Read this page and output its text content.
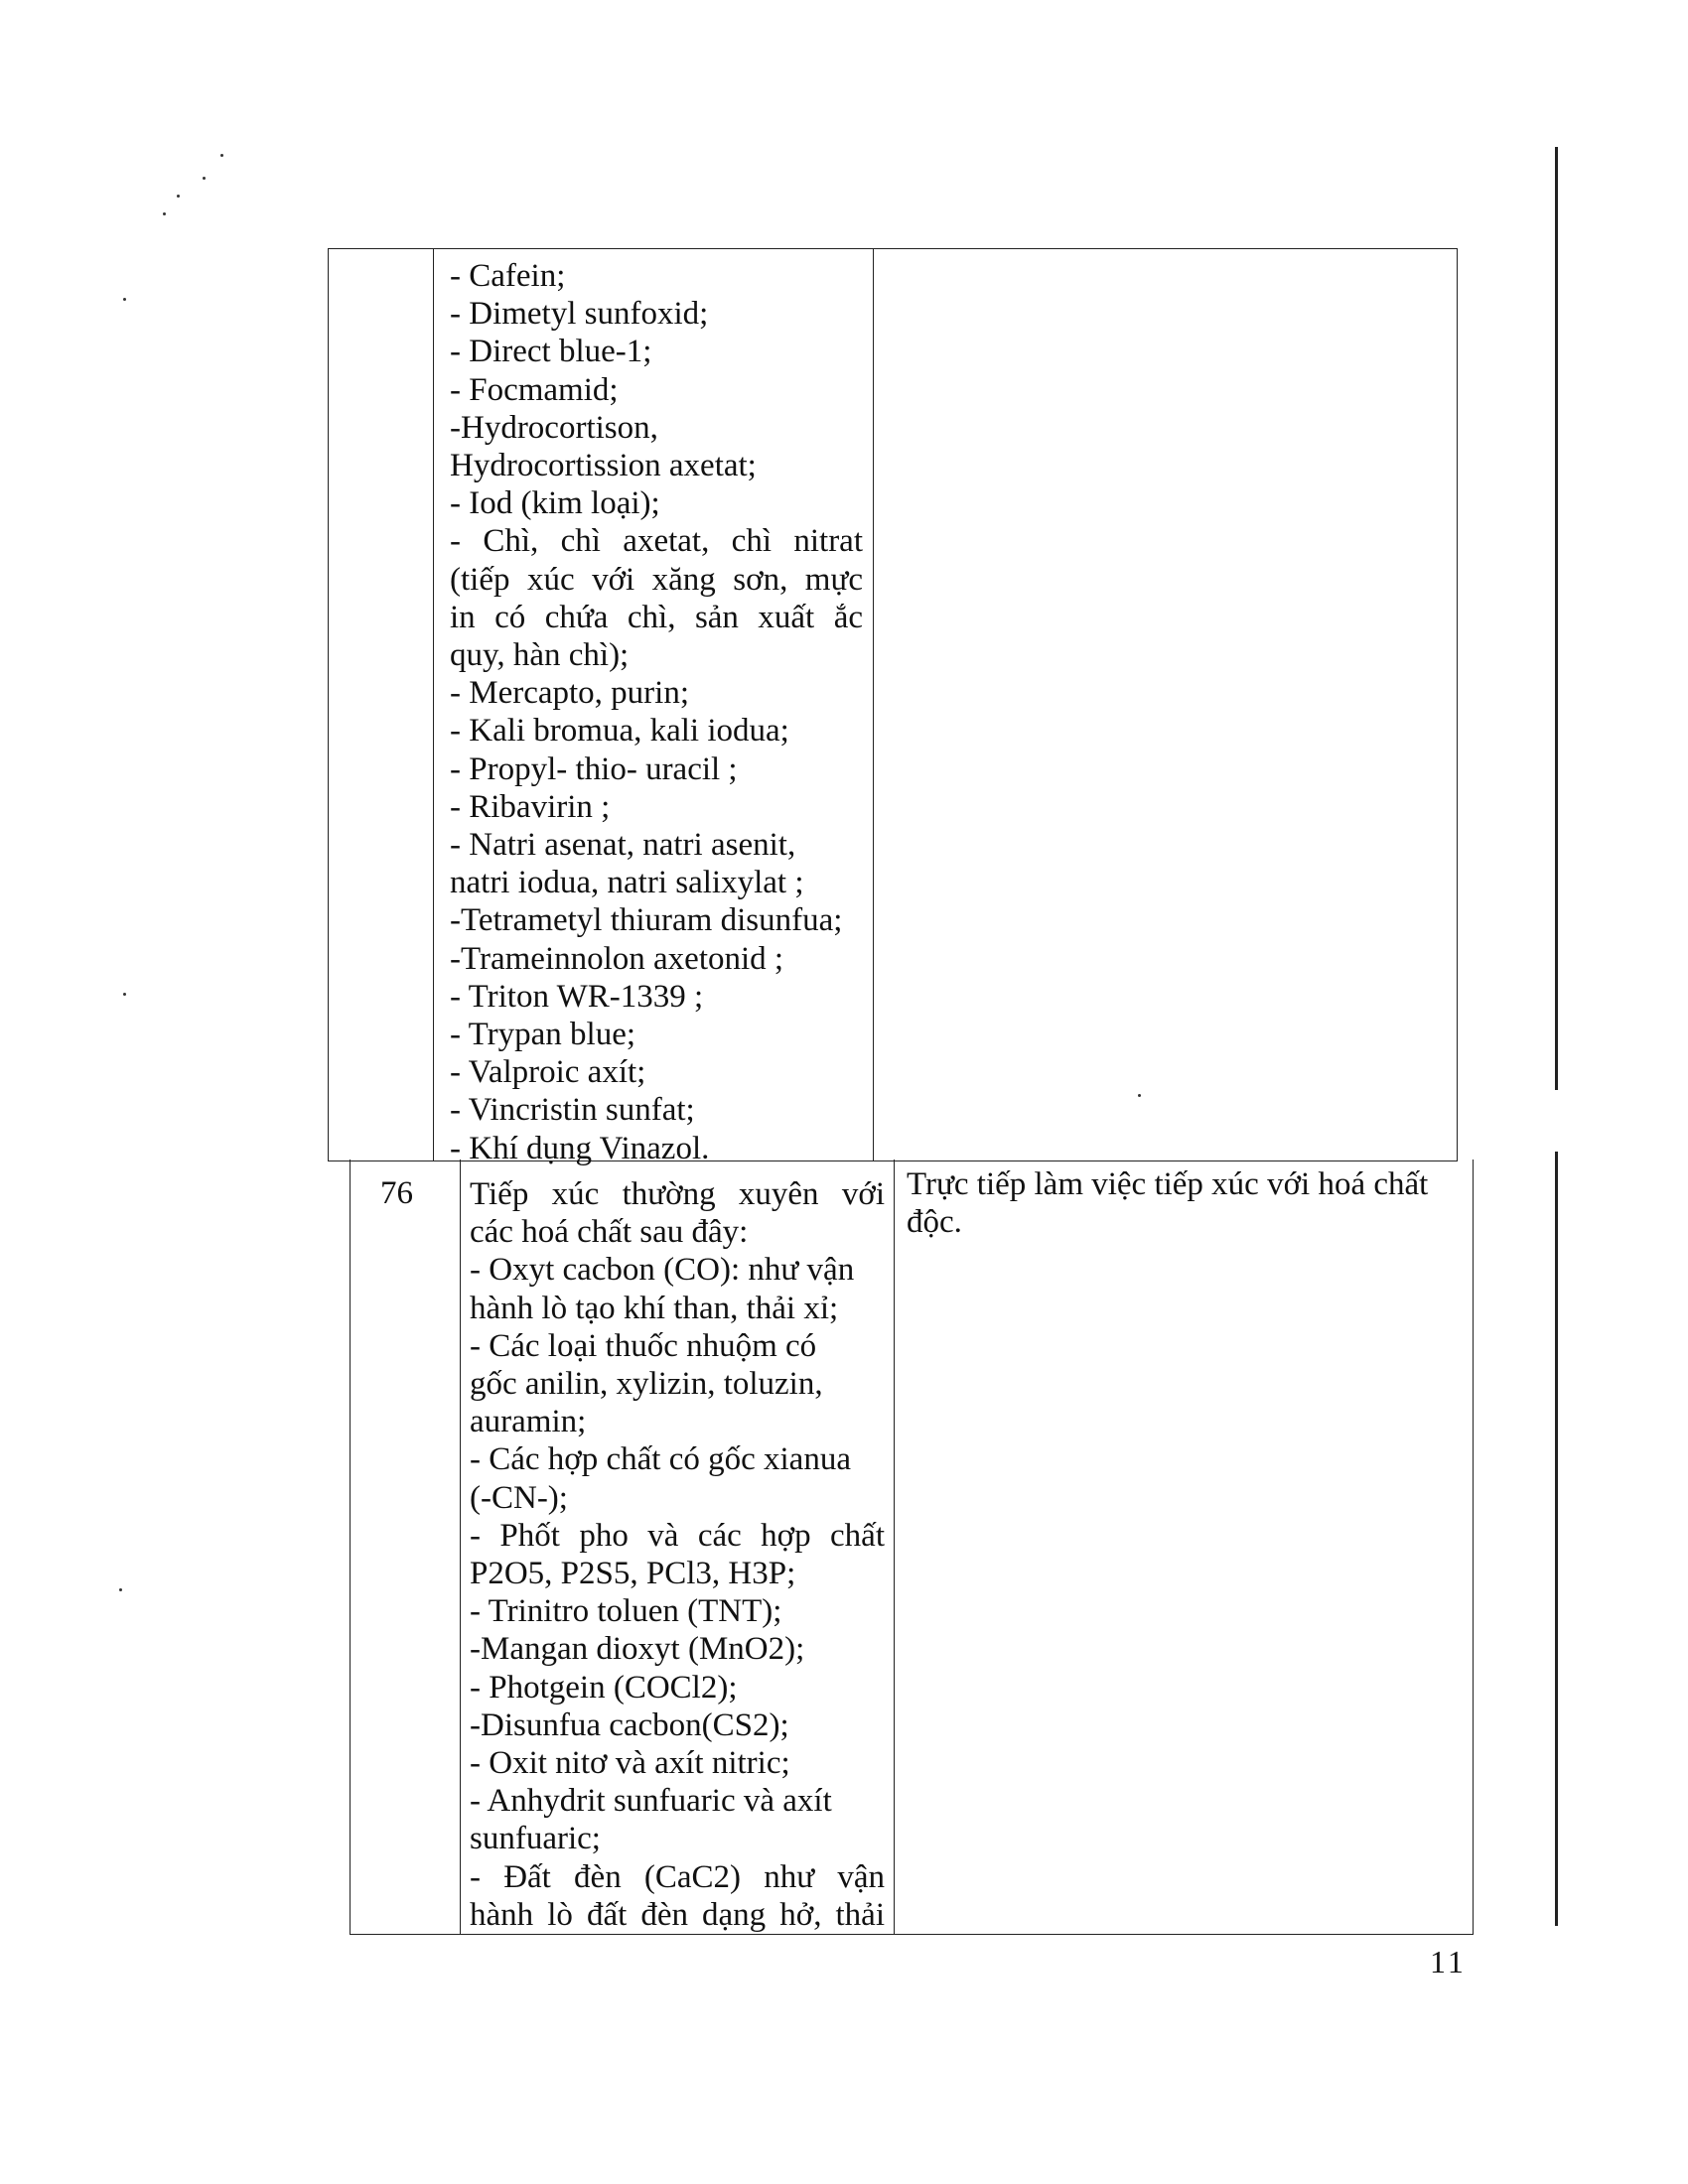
- Cafein;
- Dimetyl sunfoxid;
- Direct blue-1;
- Focmamid;
-Hydrocortison,
Hydrocortission axetat;
- Iod (kim loại);
- Chì, chì axetat, chì nitrat
(tiếp xúc với xăng sơn, mực
in có chứa chì, sản xuất ắc
quy, hàn chì);
- Mercapto, purin;
- Kali bromua, kali iodua;
- Propyl- thio- uracil ;
- Ribavirin ;
- Natri asenat, natri asenit,
natri iodua, natri salixylat ;
-Tetrametyl thiuram disunfua;
-Trameinnolon axetonid ;
- Triton WR-1339 ;
- Trypan blue;
- Valproic axít;
- Vincristin sunfat;
- Khí dụng Vinazol.
76 Tiếp xúc thường xuyên với
các hoá chất sau đây:
- Oxyt cacbon (CO): như vận
hành lò tạo khí than, thải xỉ;
- Các loại thuốc nhuộm có
gốc anilin, xylizin, toluzin,
auramin;
- Các hợp chất có gốc xianua
(-CN-);
- Phốt pho và các hợp chất
P2O5, P2S5, PCl3, H3P;
- Trinitro toluen (TNT);
-Mangan dioxyt (MnO2);
- Photgein (COCl2);
-Disunfua cacbon(CS2);
- Oxit nitơ và axít nitric;
- Anhydrit sunfuaric và axít
sunfuaric;
- Đất đèn (CaC2) như vận
hành lò đất đèn dạng hở, thải
Trực tiếp làm việc tiếp xúc với hoá chất
độc.
11
